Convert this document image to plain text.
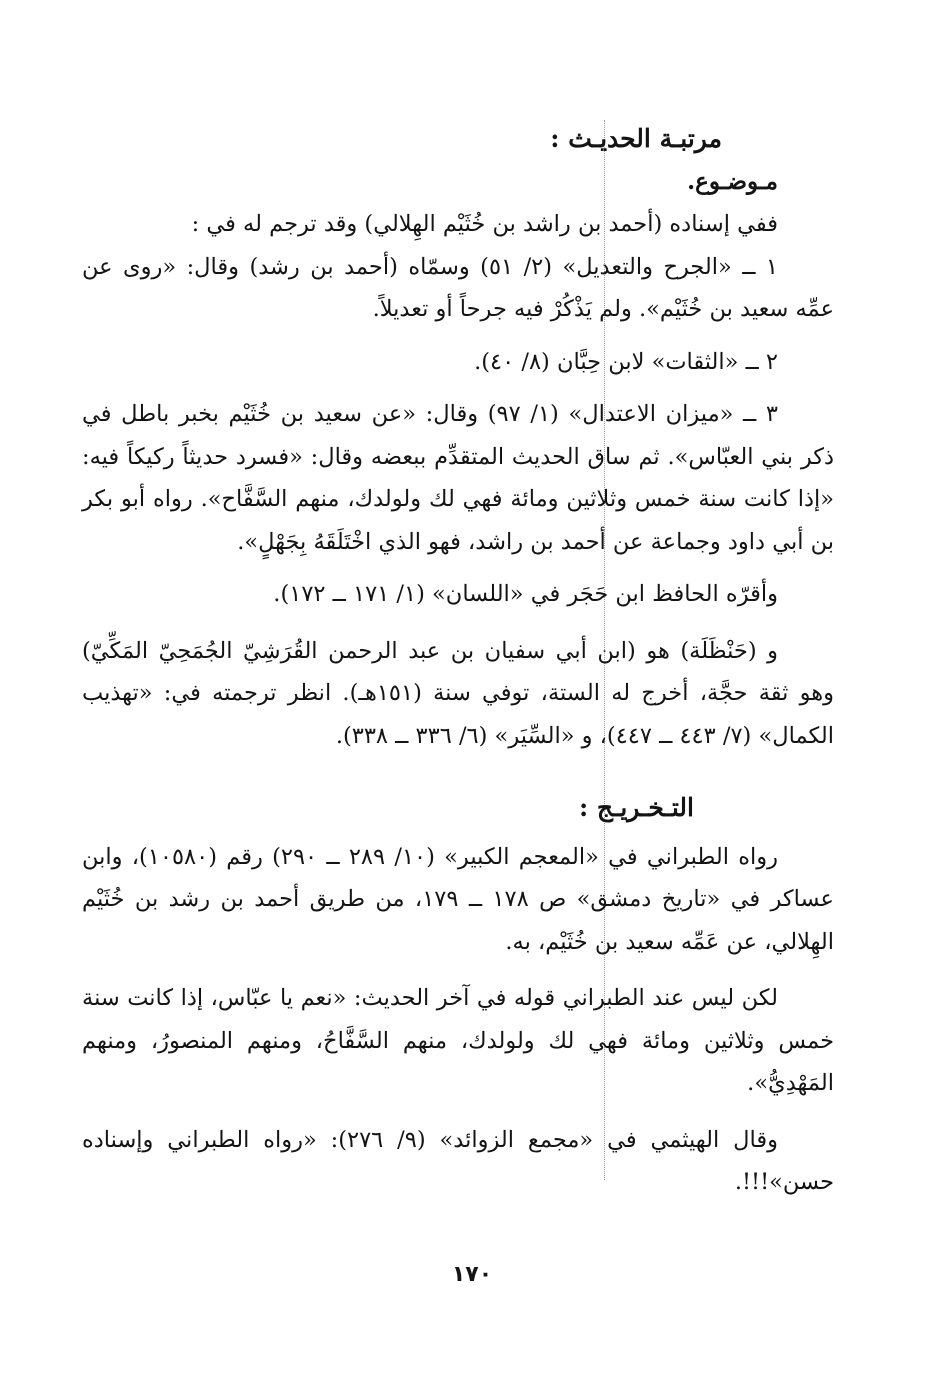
مرتبـة الحديـث :

مـوضـوع.

ففي إسناده (أحمد بن راشد بن خُثَيْم الهِلالي) وقد ترجم له في :

١ ــ «الجرح والتعديل» (٢/ ٥١) وسمّاه (أحمد بن رشد) وقال: «روى عن عمِّه سعيد بن خُثَيْم». ولم يَذْكُرْ فيه جرحاً أو تعديلاً.

٢ ــ «الثقات» لابن حِبَّان (٨/ ٤٠).

٣ ــ «ميزان الاعتدال» (١/ ٩٧) وقال: «عن سعيد بن خُثَيْم بخبر باطل في ذكر بني العبّاس». ثم ساق الحديث المتقدِّم ببعضه وقال: «فسرد حديثاً ركيكاً فيه: «إذا كانت سنة خمس وثلاثين ومائة فهي لك ولولدك، منهم السَّفَّاح». رواه أبو بكر بن أبي داود وجماعة عن أحمد بن راشد، فهو الذي اخْتَلَقَهُ بِجَهْلٍ».

وأقرّه الحافظ ابن حَجَر في «اللسان» (١/ ١٧١ ــ ١٧٢).

و (حَنْظَلَة) هو (ابن أبي سفيان بن عبد الرحمن القُرَشِيّ الجُمَحِيّ المَكِّيّ) وهو ثقة حجَّة، أخرج له الستة، توفي سنة (١٥١هـ). انظر ترجمته في: «تهذيب الكمال» (٧/ ٤٤٣ ــ ٤٤٧)، و «السِّيَر» (٦/ ٣٣٦ ــ ٣٣٨).

التـخـريـج :

رواه الطبراني في «المعجم الكبير» (١٠/ ٢٨٩ ــ ٢٩٠) رقم (١٠٥٨٠)، وابن عساكر في «تاريخ دمشق» ص ١٧٨ ــ ١٧٩، من طريق أحمد بن رشد بن خُثَيْم الهِلالي، عن عَمِّه سعيد بن خُثَيْم، به.

لكن ليس عند الطبراني قوله في آخر الحديث: «نعم يا عبّاس، إذا كانت سنة خمس وثلاثين ومائة فهي لك ولولدك، منهم السَّفَّاحُ، ومنهم المنصورُ، ومنهم المَهْدِيُّ».

وقال الهيثمي في «مجمع الزوائد» (٩/ ٢٧٦): «رواه الطبراني وإسناده حسن»!!!.

١٧٠
